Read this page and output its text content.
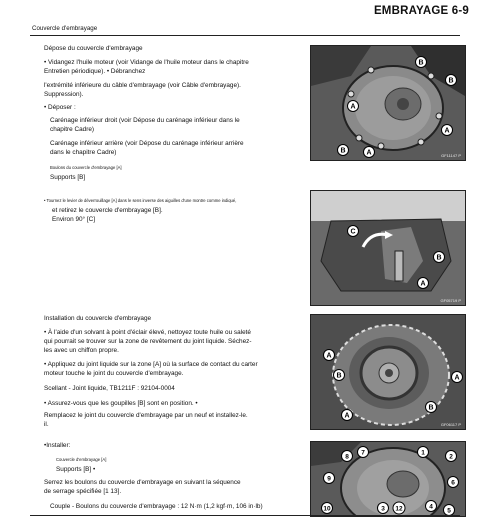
EMBRAYAGE 6-9
Couvercle d'embrayage
Dépose du couvercle d'embrayage
• Vidangez l'huile moteur (voir Vidange de l'huile moteur dans le chapitre
Entretien périodique). • Débranchez
l'extrémité inférieure du câble d'embrayage (voir Câble d'embrayage).
Suppression).
• Déposer :
Carénage inférieur droit (voir Dépose du carénage inférieur dans le
chapitre Cadre)
Carénage inférieur arrière (voir Dépose du carénage inférieur arrière
dans le chapitre Cadre)
Boulons du couvercle d'embrayage [A]
Supports [B]
B
B
A
A
A
B
GF11147 P
• Tournez le levier de déverrouillage [A] dans le sens inverse des aiguilles d'une montre comme indiqué,
et retirez le couvercle d'embrayage [B].
Environ 90° [C]
C
B
A
GF05719 P
Installation du couvercle d'embrayage
• À l'aide d'un solvant à point d'éclair élevé, nettoyez toute huile ou saleté
qui pourrait se trouver sur la zone de revêtement du joint liquide. Séchez-
les avec un chiffon propre.
• Appliquez du joint liquide sur la zone [A] où la surface de contact du carter
moteur touche le joint du couvercle d'embrayage.
Scellant - Joint liquide, TB1211F : 92104-0004
• Assurez-vous que les goupilles [B] sont en position. •
Remplacez le joint du couvercle d'embrayage par un neuf et installez-le.
il.
A
A
A
B
B
GF06117 P
•Installer:
Couvercle d'embrayage [A]
Supports [B] •
Serrez les boulons du couvercle d'embrayage en suivant la séquence
de serrage spécifiée [1 13].
Couple - Boulons du couvercle d'embrayage : 12 N·m (1,2 kgf·m, 106 in·lb)
8
7	1
9
6
10
2
3 12	4
5
